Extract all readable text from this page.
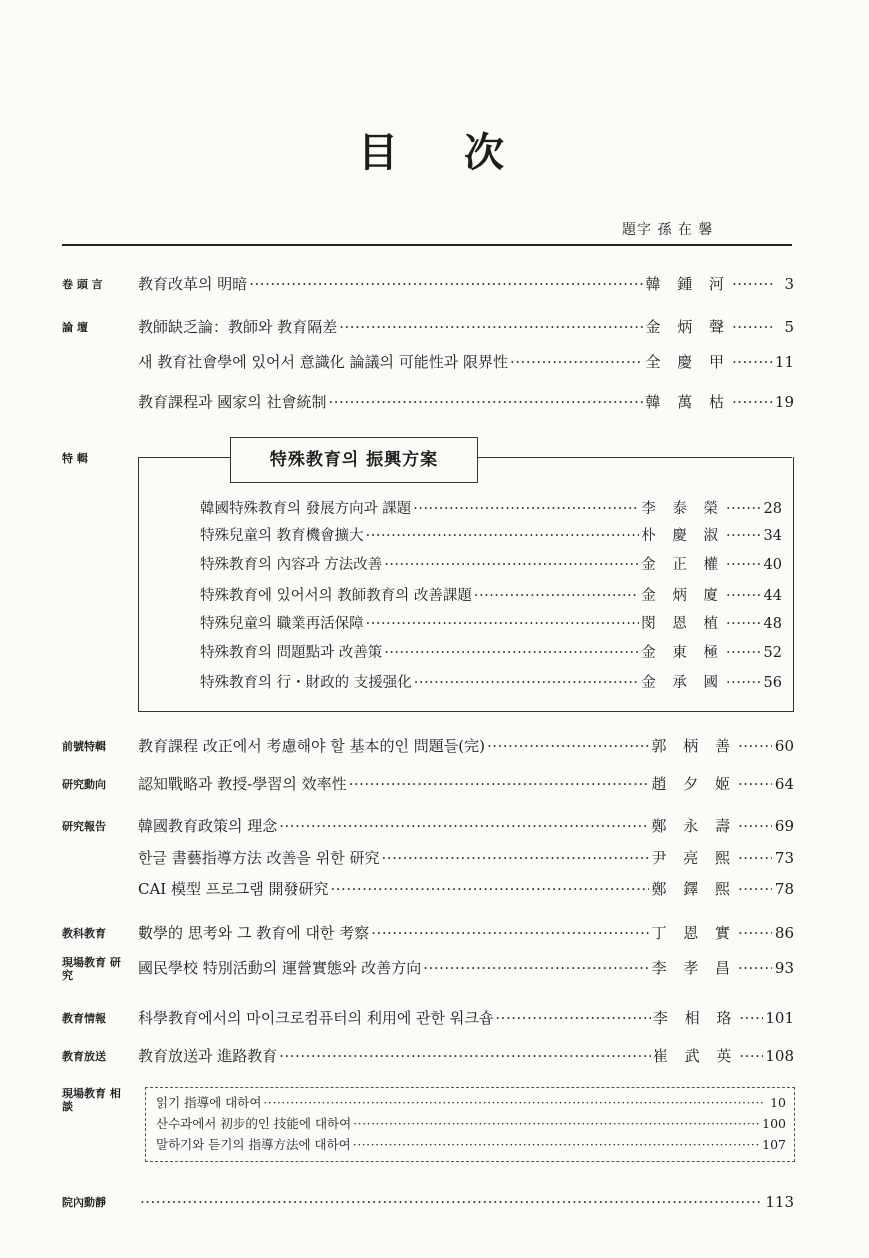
目 次
題字 孫 在 馨
卷 頭 言	教育改革의 明暗 ·····	韓 鍾 河 ·····	3
論 壇	教師缺乏論：教師와 教育隔差 ·····	金 炳 聲 ·····	5
새 教育社會學에 있어서 意識化 論議의 可能性과 限界性 ·····	全 慶 甲 ·····	11
教育課程과 國家의 社會統制 ·····	韓 萬 枯 ·····	19
特 輯	特殊教育의 振興方案
韓國特殊教育의 發展方向과 課題 ·····	李 泰 榮 ·····	28
特殊兒童의 教育機會擴大 ·····	朴 慶 淑 ·····	34
特殊教育의 內容과 方法改善 ·····	金 正 權 ·····	40
特殊教育에 있어서의 教師教育의 改善課題 ·····	金 炳 廈 ·····	44
特殊兒童의 職業再活保障 ·····	閔 恩 植 ·····	48
特殊教育의 問題點과 改善策 ·····	金 東 極 ·····	52
特殊教育의 行・財政的 支援强化 ·····	金 承 國 ·····	56
前號特輯	教育課程 改正에서 考慮해야 할 基本的인 問題들(完) ·····	郭 柄 善 ·····	60
研究動向	認知戰略과 教授-學習의 效率性 ·····	趙 夕 姬 ·····	64
研究報告	韓國教育政策의 理念 ·····	鄭 永 壽 ·····	69
한글 書藝指導方法 改善을 위한 研究 ·····	尹 亮 熙 ·····	73
CAI 模型 프로그램 開發研究 ·····	鄭 鐸 熙 ·····	78
教科教育	數學的 思考와 그 教育에 대한 考察 ·····	丁 恩 實 ·····	86
現場教育 研 究	國民學校 特別活動의 運營實態와 改善方向 ·····	李 孝 昌 ·····	93
教育情報	科學教育에서의 마이크로컴퓨터의 利用에 관한 워크숍 ·····	李 相 珞 ····· 101
教育放送	教育放送과 進路教育 ·····	崔 武 英 ····· 108
現場教育 相 談	읽기 指導에 대하여 ·····	10
산수과에서 初步的인 技能에 대하여 ·····	100
말하기와 듣기의 指導方法에 대하여 ·····	107
院內動靜 ·····	113
